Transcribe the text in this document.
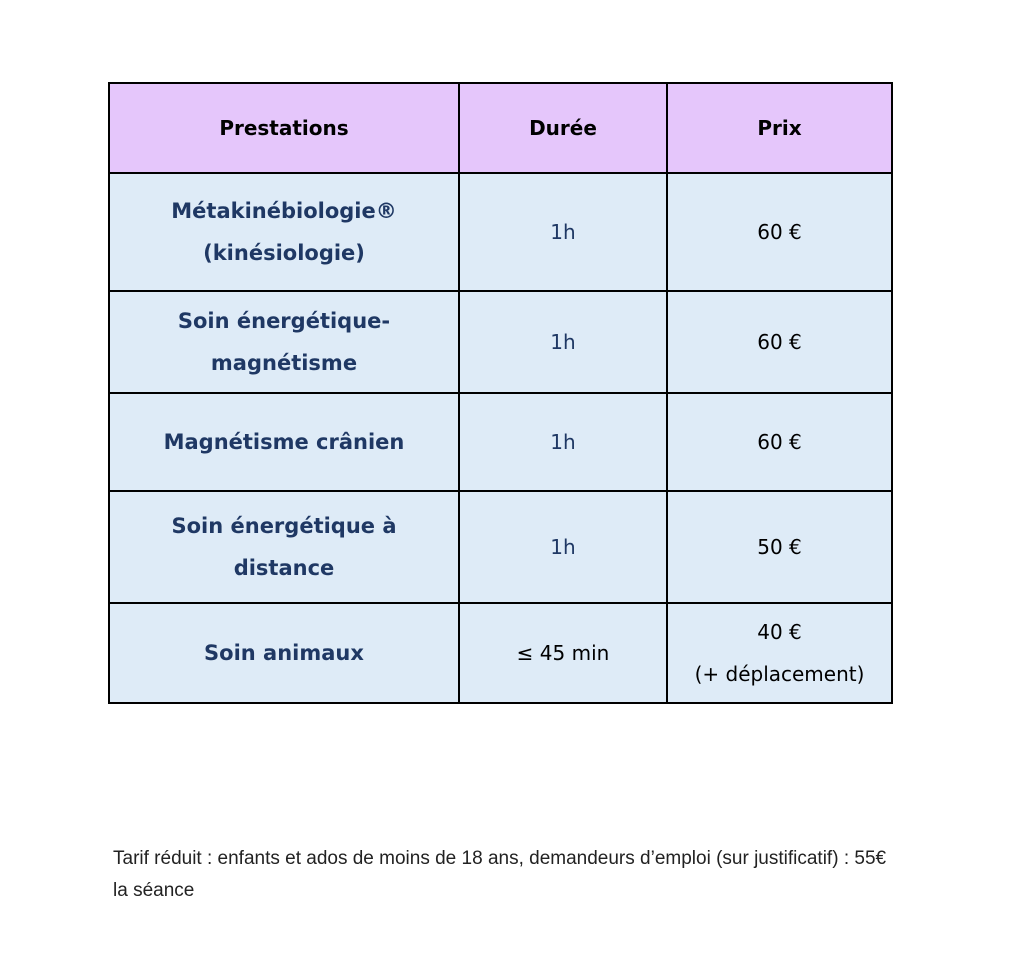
Prestations	Durée	Prix

Métakinébiologie®
(kinésiologie)	1h	60 €

Soin énergétique-
magnétisme	1h	60 €

Magnétisme crânien	1h	60 €

Soin énergétique à
distance	1h	50 €

Soin animaux	≤ 45 min	40 €
(+ déplacement)
Tarif réduit : enfants et ados de moins de 18 ans, demandeurs d’emploi (sur justificatif) : 55€ la séance
